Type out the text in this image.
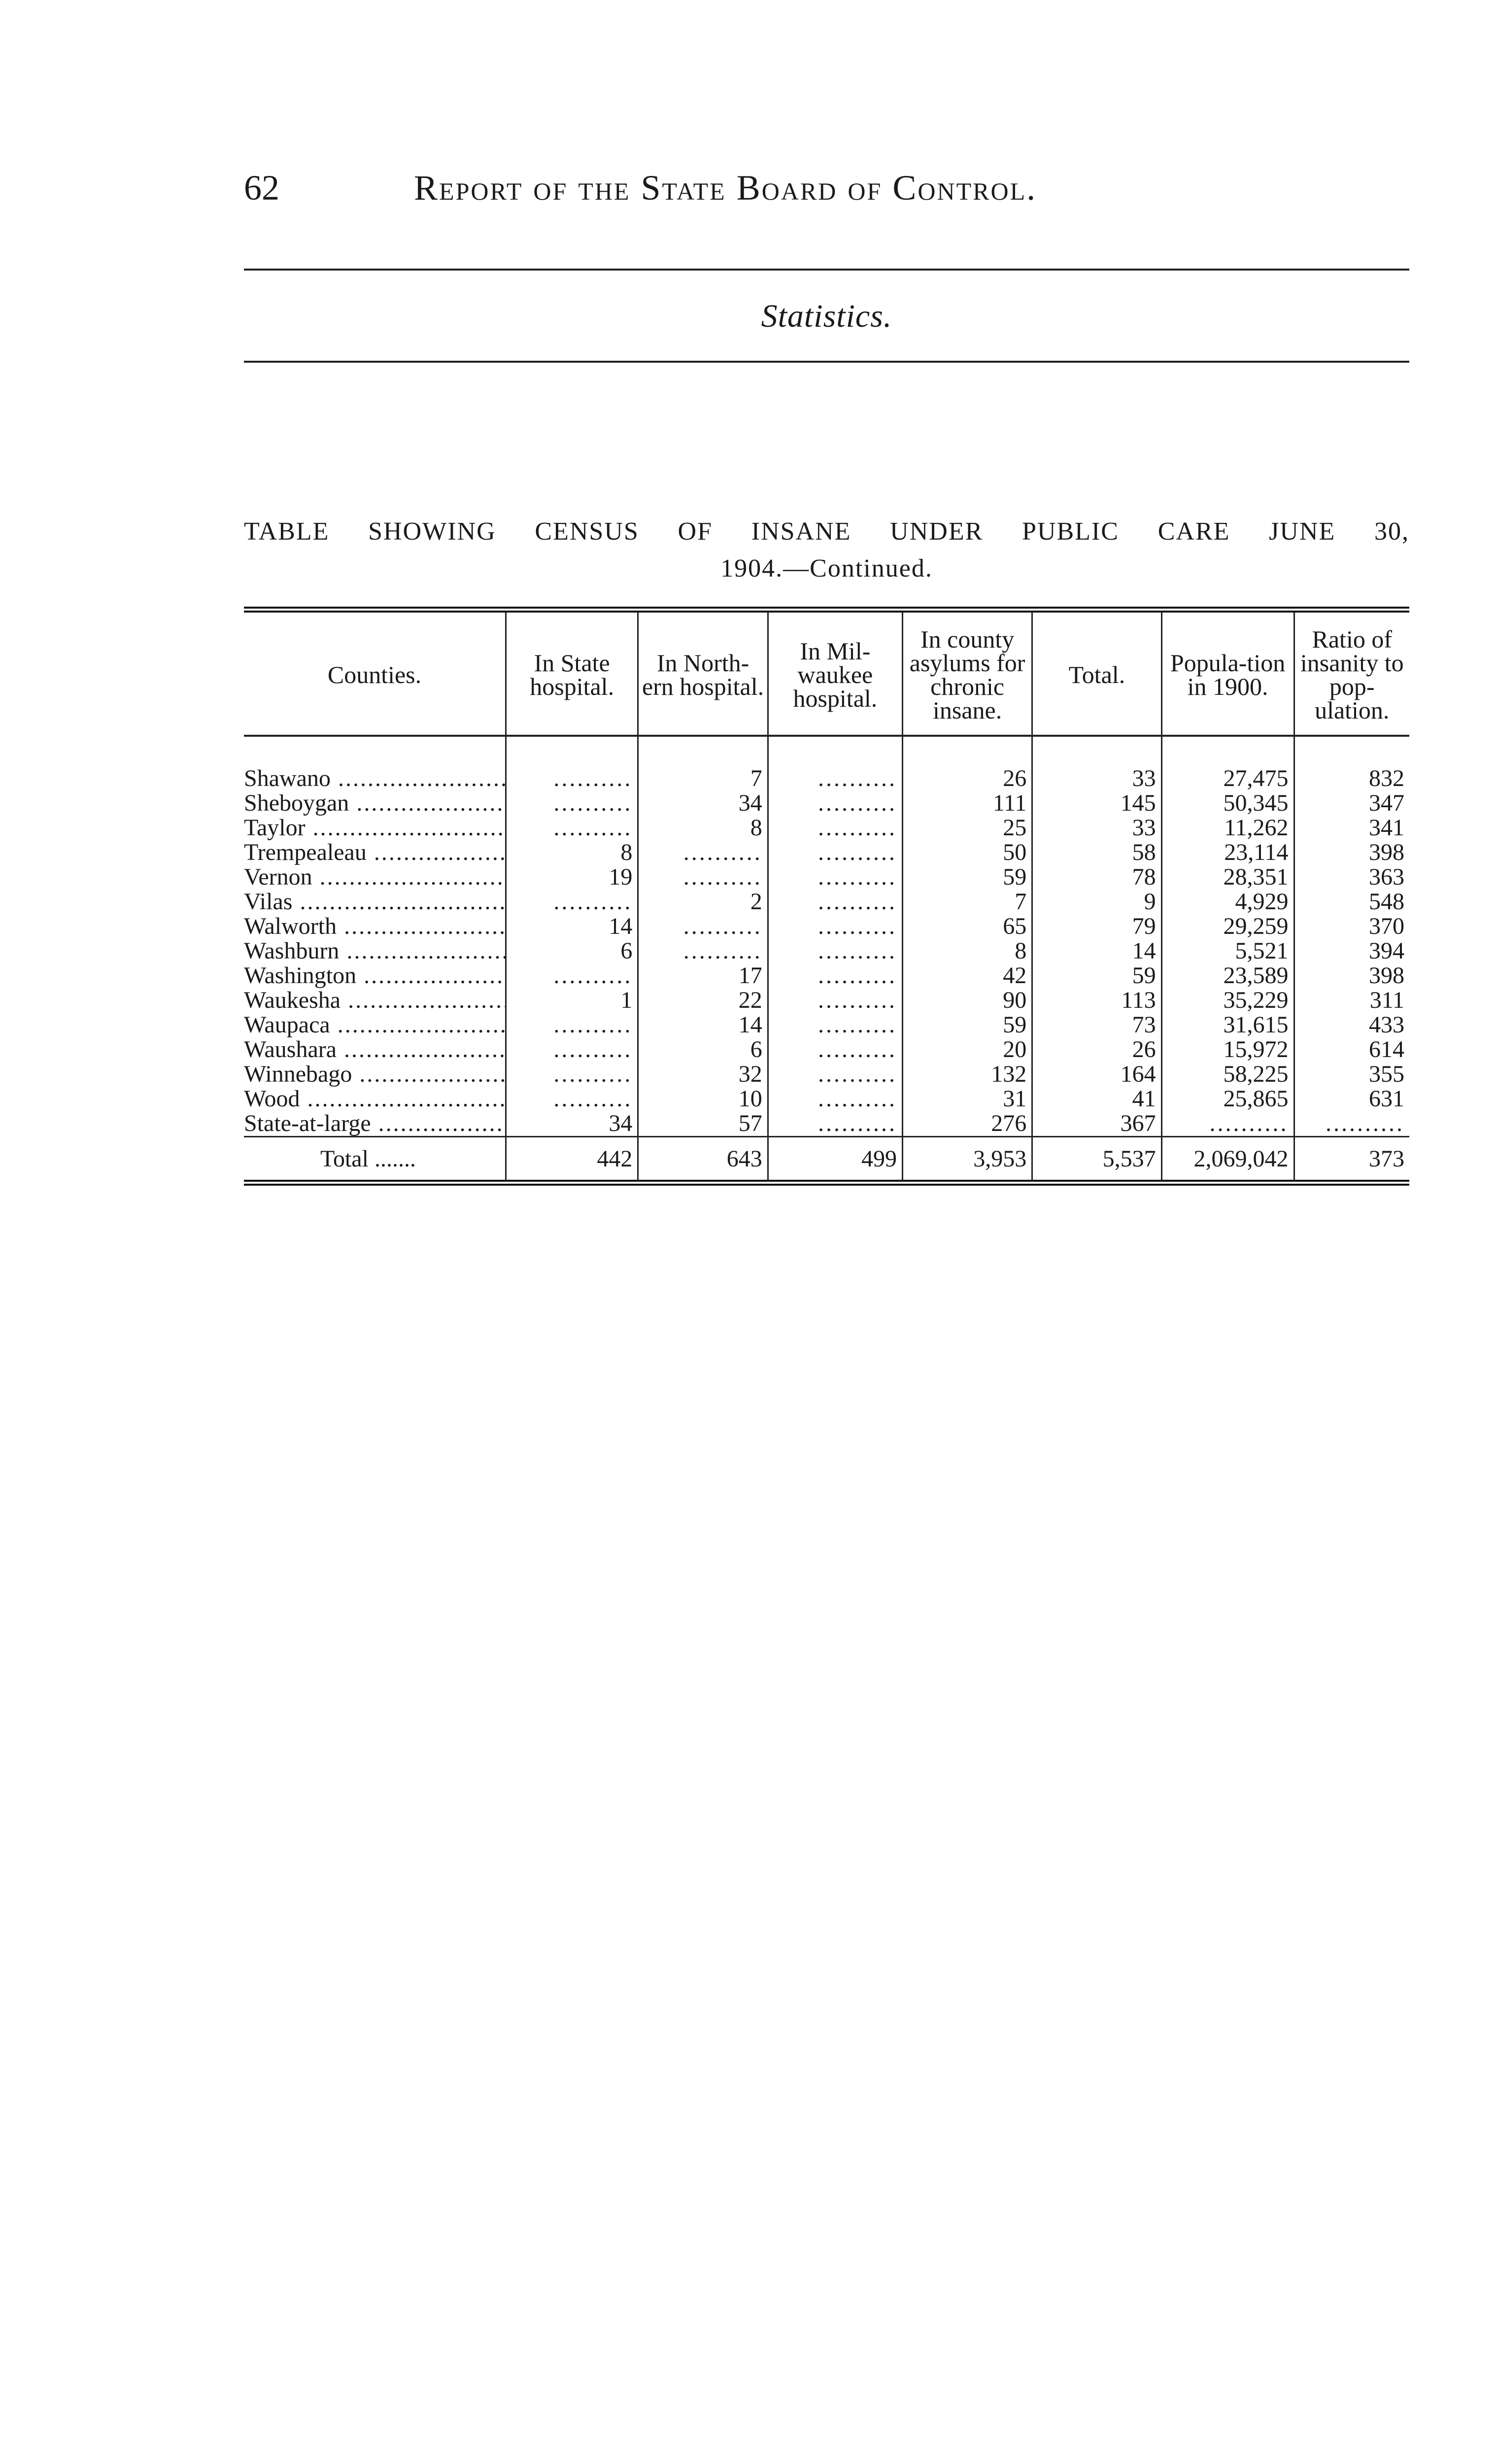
62	Report of the State Board of Control.
Statistics.
TABLE SHOWING CENSUS OF INSANE UNDER PUBLIC CARE JUNE 30,
1904.—Continued.
Counties.	In State hospital.	In North-ern hospital.	In Mil-waukee hospital.	In county asylums for chronic insane.	Total.	Popula-tion in 1900.	Ratio of insanity to pop-ulation.
Shawano .....	..........	7	..........	26	33	27,475	832
Sheboygan .....	..........	34	..........	111	145	50,345	347
Taylor .....	..........	8	..........	25	33	11,262	341
Trempealeau .....	8	..........	..........	50	58	23,114	398
Vernon .....	19	..........	..........	59	78	28,351	363
Vilas .....	..........	2	..........	7	9	4,929	548
Walworth .....	14	..........	..........	65	79	29,259	370
Washburn .....	6	..........	..........	8	14	5,521	394
Washington .....	..........	17	..........	42	59	23,589	398
Waukesha .....	1	22	..........	90	113	35,229	311
Waupaca .....	..........	14	..........	59	73	31,615	433
Waushara .....	..........	6	..........	20	26	15,972	614
Winnebago .....	..........	32	..........	132	164	58,225	355
Wood .....	..........	10	..........	31	41	25,865	631
State-at-large .....	34	57	..........	276	367	..........	..........
Total .......	442	643	499	3,953	5,537	2,069,042	373
